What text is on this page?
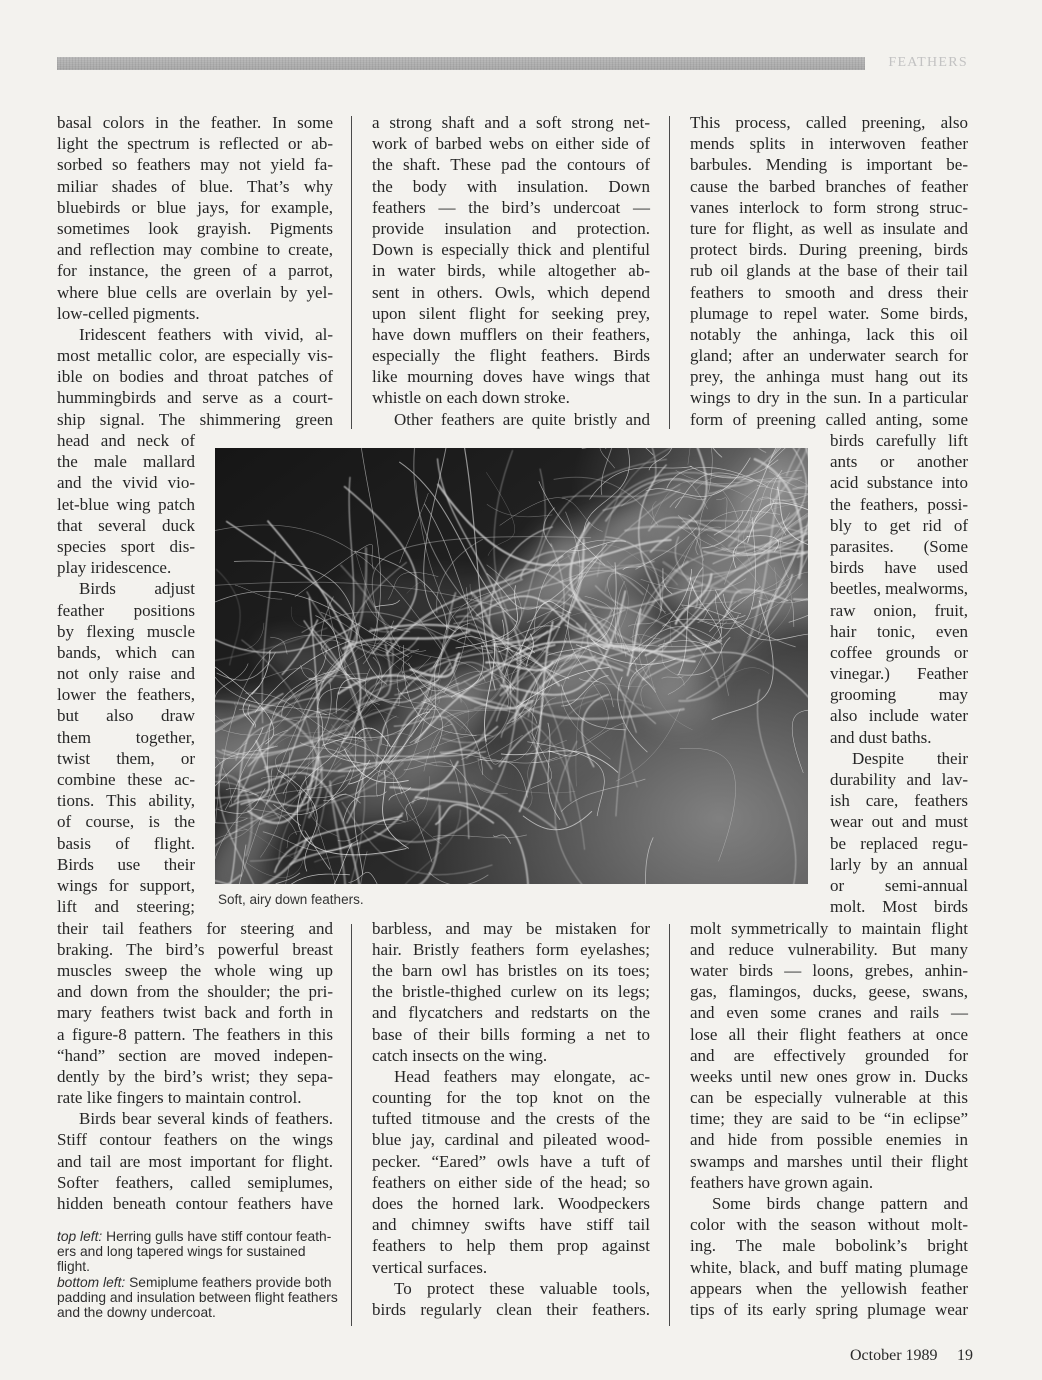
FEATHERS
basal colors in the feather. In some
light the spectrum is reflected or ab-
sorbed so feathers may not yield fa-
miliar shades of blue. That’s why
bluebirds or blue jays, for example,
sometimes look grayish. Pigments
and reflection may combine to create,
for instance, the green of a parrot,
where blue cells are overlain by yel-
low-celled pigments.
Iridescent feathers with vivid, al-
most metallic color, are especially vis-
ible on bodies and throat patches of
hummingbirds and serve as a court-
ship signal. The shimmering green
head and neck of
the male mallard
and the vivid vio-
let-blue wing patch
that several duck
species sport dis-
play iridescence.
Birds adjust
feather positions
by flexing muscle
bands, which can
not only raise and
lower the feathers,
but also draw
them together,
twist them, or
combine these ac-
tions. This ability,
of course, is the
basis of flight.
Birds use their
wings for support,
lift and steering;
their tail feathers for steering and
braking. The bird’s powerful breast
muscles sweep the whole wing up
and down from the shoulder; the pri-
mary feathers twist back and forth in
a figure-8 pattern. The feathers in this
“hand” section are moved indepen-
dently by the bird’s wrist; they sepa-
rate like fingers to maintain control.
Birds bear several kinds of feathers.
Stiff contour feathers on the wings
and tail are most important for flight.
Softer feathers, called semiplumes,
hidden beneath contour feathers have
a strong shaft and a soft strong net-
work of barbed webs on either side of
the shaft. These pad the contours of
the body with insulation. Down
feathers — the bird’s undercoat —
provide insulation and protection.
Down is especially thick and plentiful
in water birds, while altogether ab-
sent in others. Owls, which depend
upon silent flight for seeking prey,
have down mufflers on their feathers,
especially the flight feathers. Birds
like mourning doves have wings that
whistle on each down stroke.
Other feathers are quite bristly and
barbless, and may be mistaken for
hair. Bristly feathers form eyelashes;
the barn owl has bristles on its toes;
the bristle-thighed curlew on its legs;
and flycatchers and redstarts on the
base of their bills forming a net to
catch insects on the wing.
Head feathers may elongate, ac-
counting for the top knot on the
tufted titmouse and the crests of the
blue jay, cardinal and pileated wood-
pecker. “Eared” owls have a tuft of
feathers on either side of the head; so
does the horned lark. Woodpeckers
and chimney swifts have stiff tail
feathers to help them prop against
vertical surfaces.
To protect these valuable tools,
birds regularly clean their feathers.
This process, called preening, also
mends splits in interwoven feather
barbules. Mending is important be-
cause the barbed branches of feather
vanes interlock to form strong struc-
ture for flight, as well as insulate and
protect birds. During preening, birds
rub oil glands at the base of their tail
feathers to smooth and dress their
plumage to repel water. Some birds,
notably the anhinga, lack this oil
gland; after an underwater search for
prey, the anhinga must hang out its
wings to dry in the sun. In a particular
form of preening called anting, some
birds carefully lift
ants or another
acid substance into
the feathers, possi-
bly to get rid of
parasites. (Some
birds have used
beetles, mealworms,
raw onion, fruit,
hair tonic, even
coffee grounds or
vinegar.) Feather
grooming may
also include water
and dust baths.
Despite their
durability and lav-
ish care, feathers
wear out and must
be replaced regu-
larly by an annual
or semi-annual
molt. Most birds
molt symmetrically to maintain flight
and reduce vulnerability. But many
water birds — loons, grebes, anhin-
gas, flamingos, ducks, geese, swans,
and even some cranes and rails —
lose all their flight feathers at once
and are effectively grounded for
weeks until new ones grow in. Ducks
can be especially vulnerable at this
time; they are said to be “in eclipse”
and hide from possible enemies in
swamps and marshes until their flight
feathers have grown again.
Some birds change pattern and
color with the season without molt-
ing. The male bobolink’s bright
white, black, and buff mating plumage
appears when the yellowish feather
tips of its early spring plumage wear
Soft, airy down feathers.
top left: Herring gulls have stiff contour feath-
ers and long tapered wings for sustained
flight.
bottom left: Semiplume feathers provide both
padding and insulation between flight feathers
and the downy undercoat.
October 1989 19
